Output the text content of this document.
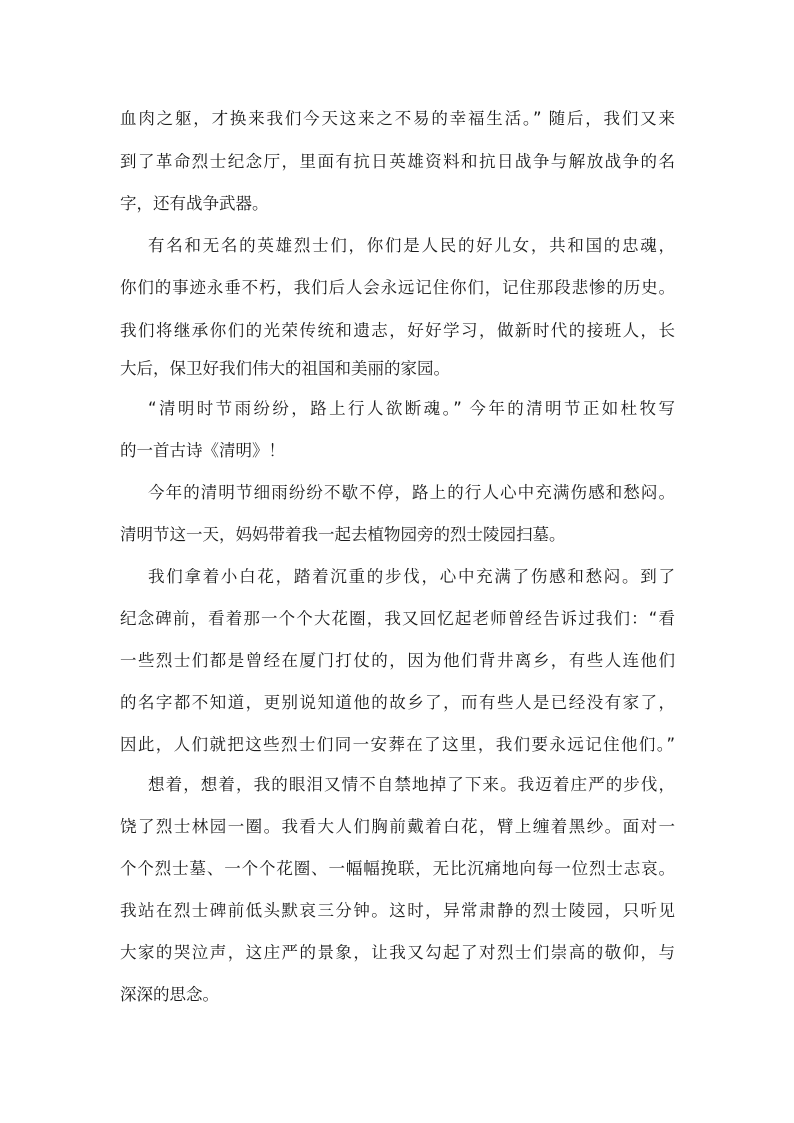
血肉之躯，才换来我们今天这来之不易的幸福生活。” 随后，我们又来
到了革命烈士纪念厅，里面有抗日英雄资料和抗日战争与解放战争的名
字，还有战争武器。
有名和无名的英雄烈士们，你们是人民的好儿女，共和国的忠魂，
你们的事迹永垂不朽，我们后人会永远记住你们，记住那段悲惨的历史。
我们将继承你们的光荣传统和遗志，好好学习，做新时代的接班人，长
大后，保卫好我们伟大的祖国和美丽的家园。
“清明时节雨纷纷，路上行人欲断魂。” 今年的清明节正如杜牧写
的一首古诗《清明》！
今年的清明节细雨纷纷不歇不停，路上的行人心中充满伤感和愁闷。
清明节这一天，妈妈带着我一起去植物园旁的烈士陵园扫墓。
我们拿着小白花，踏着沉重的步伐，心中充满了伤感和愁闷。到了
纪念碑前，看着那一个个大花圈，我又回忆起老师曾经告诉过我们：“看
一些烈士们都是曾经在厦门打仗的，因为他们背井离乡，有些人连他们
的名字都不知道，更别说知道他的故乡了，而有些人是已经没有家了，
因此，人们就把这些烈士们同一安葬在了这里，我们要永远记住他们。”
想着，想着，我的眼泪又情不自禁地掉了下来。我迈着庄严的步伐，
饶了烈士林园一圈。我看大人们胸前戴着白花，臂上缠着黑纱。面对一
个个烈士墓、一个个花圈、一幅幅挽联，无比沉痛地向每一位烈士志哀。
我站在烈士碑前低头默哀三分钟。这时，异常肃静的烈士陵园，只听见
大家的哭泣声，这庄严的景象，让我又勾起了对烈士们崇高的敬仰，与
深深的思念。
